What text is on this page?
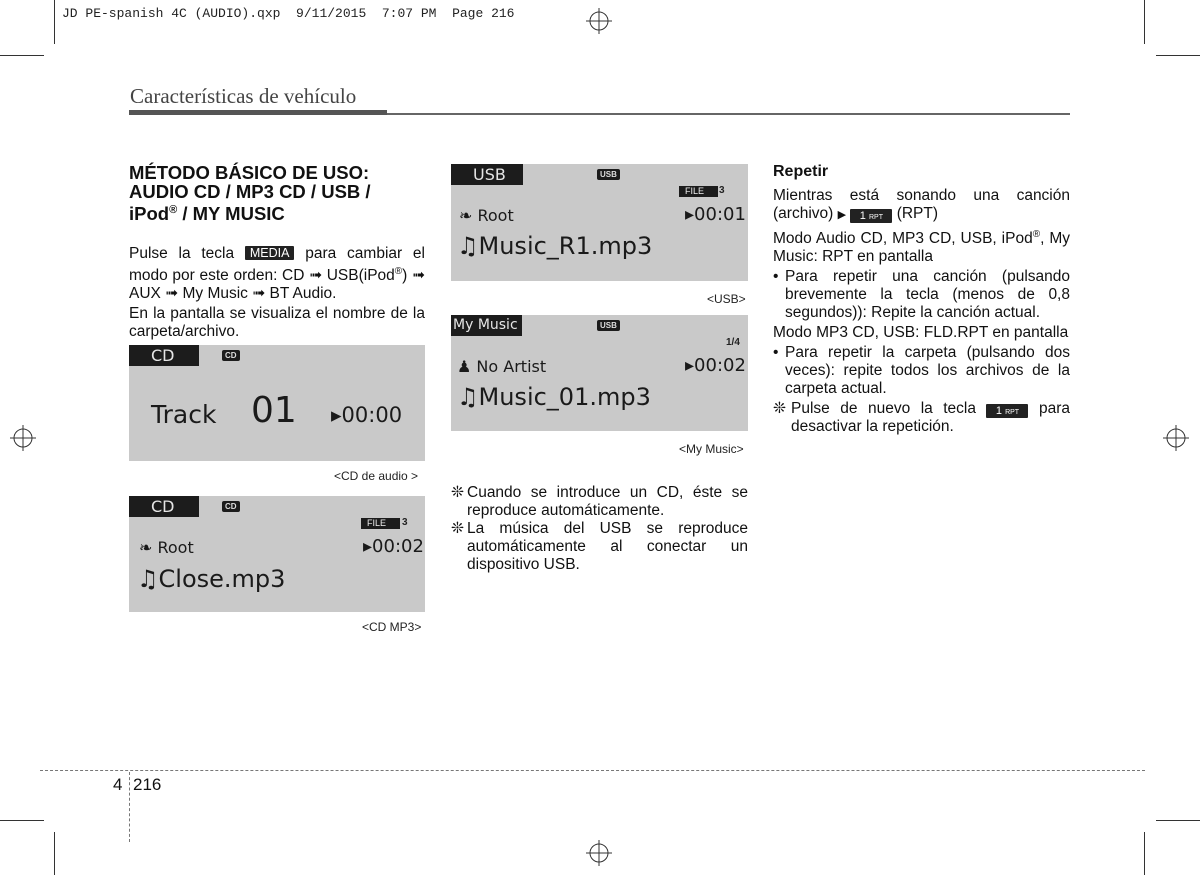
JD PE-spanish 4C (AUDIO).qxp  9/11/2015  7:07 PM  Page 216
Características de vehículo
MÉTODO BÁSICO DE USO:
AUDIO CD / MP3 CD / USB /
iPod® / MY MUSIC

Pulse la tecla MEDIA para cambiar el modo por este orden: CD ➟ USB(iPod®) ➟ AUX ➟ My Music ➟ BT Audio.

En la pantalla se visualiza el nombre de la carpeta/archivo.

CD	CD
Track 01 ▸00:00
<CD de audio >
CD	CD
FILE	3
❧ Root	▸00:02
♫Close.mp3
<CD MP3>
USB	USB
FILE	3
❧ Root	▸00:01
♫Music_R1.mp3
<USB>
My Music	USB
1/4
♟ No Artist	▸00:02
♫Music_01.mp3
<My Music>
❊ Cuando se introduce un CD, éste se reproduce automáticamente.
❊ La música del USB se reproduce automáticamente al conectar un dispositivo USB.
Repetir

Mientras está sonando una canción (archivo) ▶ 1 RPT (RPT)

Modo Audio CD, MP3 CD, USB, iPod®, My Music: RPT en pantalla

• Para repetir una canción (pulsando brevemente la tecla (menos de 0,8 segundos)): Repite la canción actual.

Modo MP3 CD, USB: FLD.RPT en pantalla

• Para repetir la carpeta (pulsando dos veces): repite todos los archivos de la carpeta actual.
❊ Pulse de nuevo la tecla 1 RPT para desactivar la repetición.
4 216
